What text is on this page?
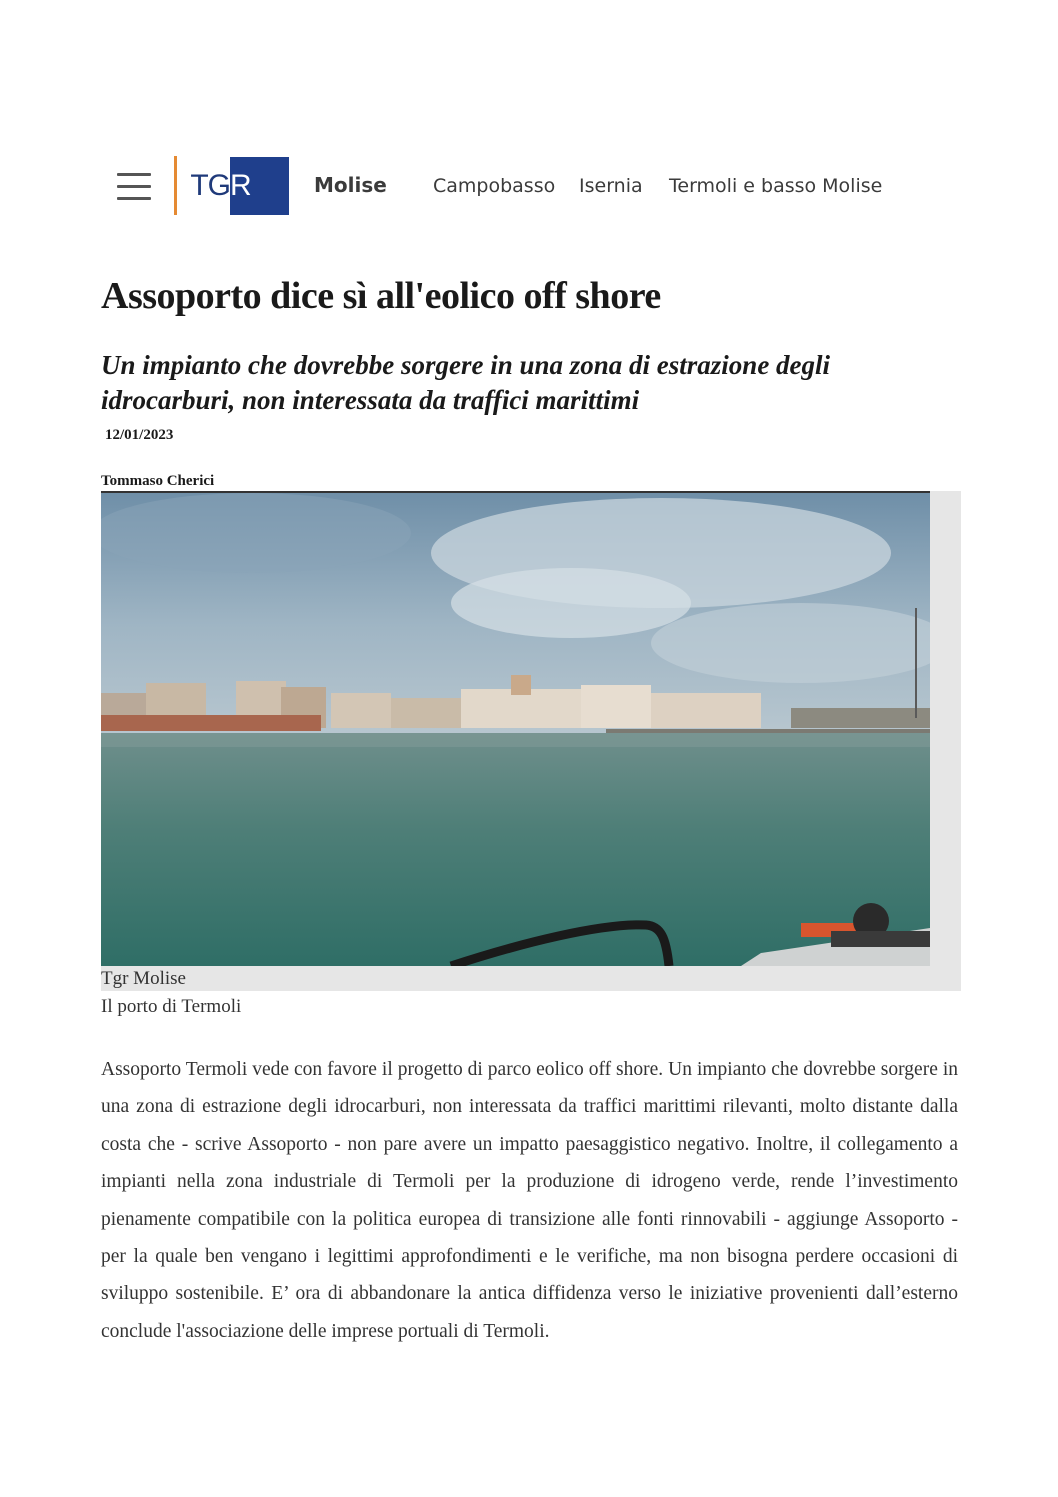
TG R	Molise Campobasso Isernia Termoli e basso Molise
Assoporto dice sì all'eolico off shore
Un impianto che dovrebbe sorgere in una zona di estrazione degli idrocarburi, non interessata da traffici marittimi
12/01/2023
Tommaso Cherici
Tgr Molise
Il porto di Termoli

Assoporto Termoli vede con favore il progetto di parco eolico off shore. Un impianto che dovrebbe sorgere in una zona di estrazione degli idrocarburi, non interessata da traffici marittimi rilevanti, molto distante dalla costa che - scrive Assoporto - non pare avere un impatto paesaggistico negativo. Inoltre, il collegamento a impianti nella zona industriale di Termoli per la produzione di idrogeno verde, rende l’investimento pienamente compatibile con la politica europea di transizione alle fonti rinnovabili - aggiunge Assoporto - per la quale ben vengano i legittimi approfondimenti e le verifiche, ma non bisogna perdere occasioni di sviluppo sostenibile. E’ ora di abbandonare la antica diffidenza verso le iniziative provenienti dall’esterno conclude l'associazione delle imprese portuali di Termoli.
